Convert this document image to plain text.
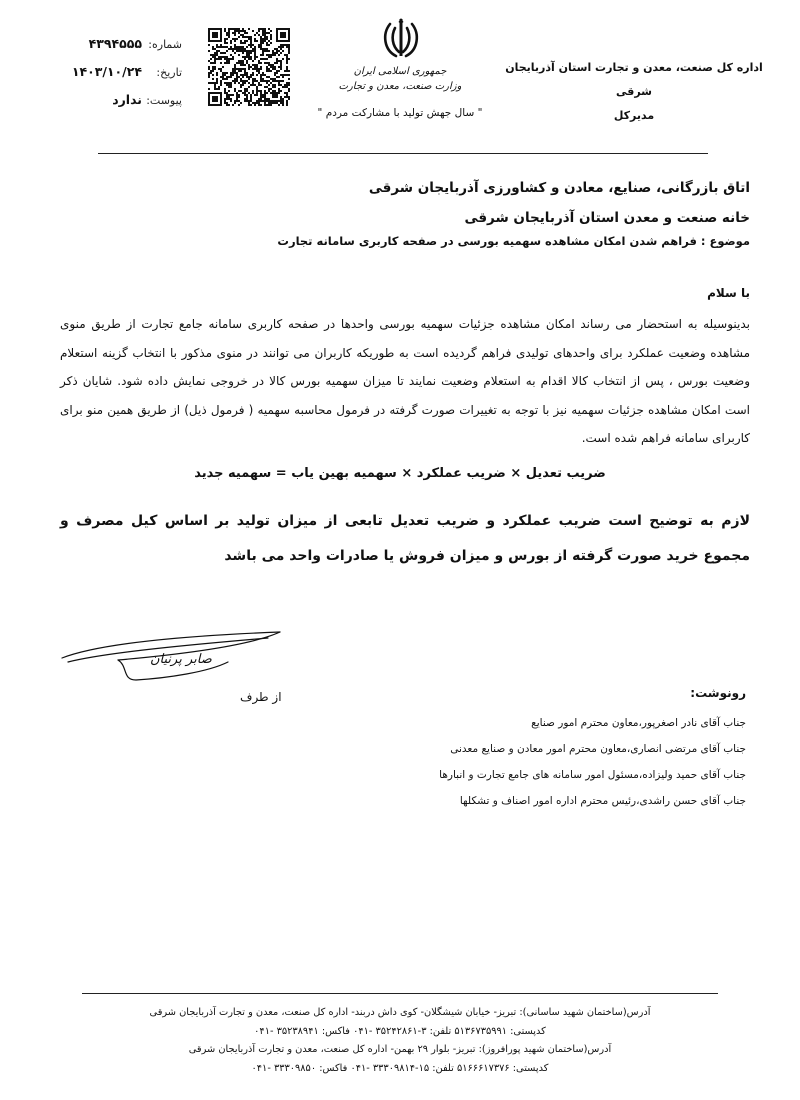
اداره کل صنعت، معدن و تجارت استان آذربایجان شرقی
مدیرکل
جمهوری اسلامی ایران
وزارت صنعت، معدن و تجارت
" سال جهش تولید با مشارکت مردم "
شماره:
۴۳۹۴۵۵۵
تاریخ:
۱۴۰۳/۱۰/۲۴
پیوست:
ندارد
اتاق بازرگانی، صنایع، معادن و کشاورزی آذربایجان شرقی
خانه صنعت و معدن استان آذربایجان شرقی
موضوع : فراهم شدن امکان مشاهده سهمیه بورسی در صفحه کاربری سامانه تجارت
با سلام
بدینوسیله به استحضار می رساند امکان مشاهده جزئیات سهمیه بورسی واحدها در صفحه کاربری سامانه جامع تجارت از طریق منوی مشاهده وضعیت عملکرد برای واحدهای تولیدی فراهم گردیده است به طوریکه کاربران می توانند در منوی مذکور با انتخاب گزینه استعلام وضعیت بورس ، پس از انتخاب کالا اقدام به استعلام وضعیت نمایند تا میزان سهمیه بورس کالا در خروجی نمایش داده شود. شایان ذکر است امکان مشاهده جزئیات سهمیه نیز با توجه به تغییرات صورت گرفته در فرمول محاسبه سهمیه ( فرمول ذیل) از طریق همین منو برای کاربرای سامانه فراهم شده است.
ضریب تعدیل × ضریب عملکرد × سهمیه بهین یاب = سهمیه جدید
لازم به توضیح است ضریب عملکرد و ضریب تعدیل تابعی از میزان تولید بر اساس کیل مصرف و مجموع خرید صورت گرفته از بورس و میزان فروش یا صادرات واحد می باشد
صابر پرنیان
از طرف	رونوشت:
جناب آقای نادر اصغرپور،معاون محترم امور صنایع
جناب آقای مرتضی انصاری،معاون محترم امور معادن و صنایع معدنی
جناب آقای حمید ولیزاده،مسئول امور سامانه های جامع تجارت و انبارها
جناب آقای حسن راشدی،رئیس محترم اداره امور اصناف و تشکلها
آدرس(ساختمان شهید ساسانی): تبریز- خیابان شیشگلان- کوی داش دربند- اداره کل صنعت، معدن و تجارت آذربایجان شرقی
کدپستی: ۵۱۳۶۷۳۵۹۹۱ تلفن: ۳-۳۵۲۴۲۸۶۱ -۰۴۱ فاکس: ۳۵۲۳۸۹۴۱ -۰۴۱
آدرس(ساختمان شهید پورافروز): تبریز- بلوار ۲۹ بهمن- اداره کل صنعت، معدن و تجارت آذربایجان شرقی
کدپستی: ۵۱۶۶۶۱۷۳۷۶ تلفن: ۱۵-۳۳۳۰۹۸۱۴ -۰۴۱ فاکس: ۳۳۳۰۹۸۵۰ -۰۴۱
